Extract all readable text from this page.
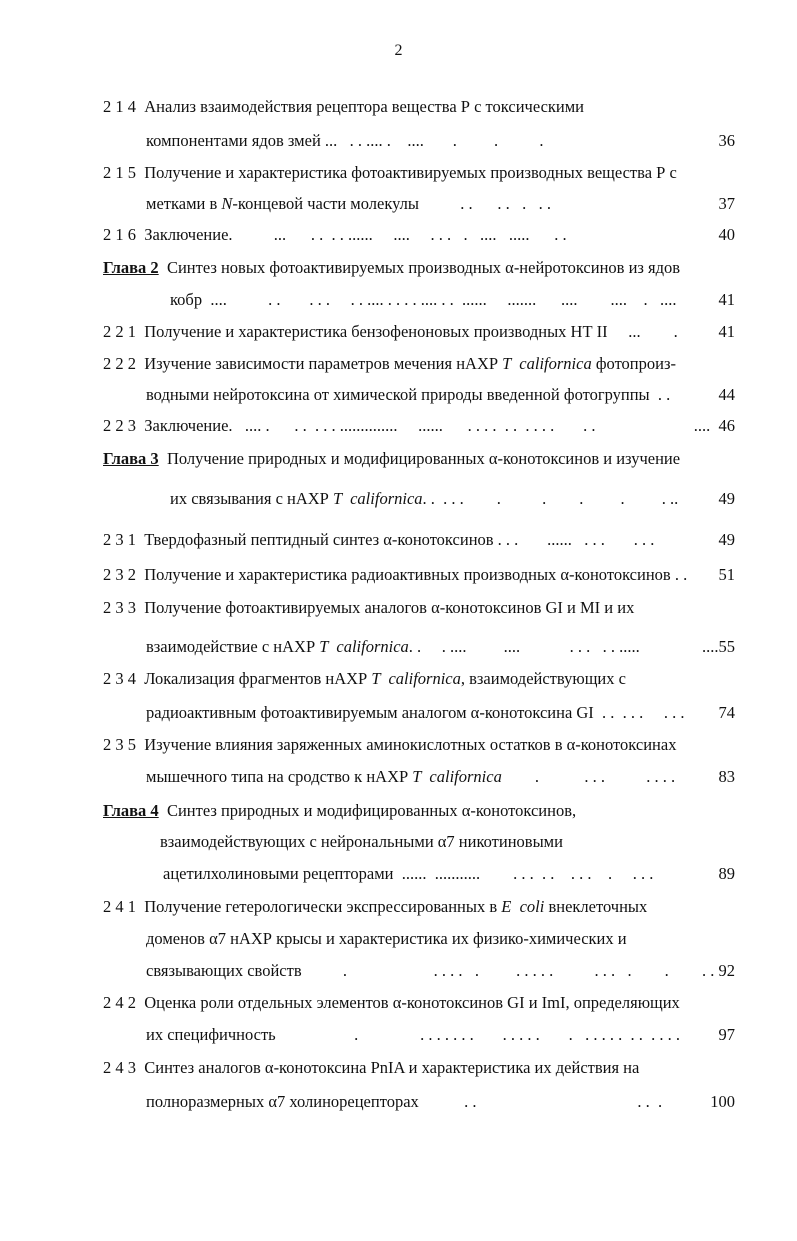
2
2 1 4  Анализ взаимодействия рецептора вещества Р с токсическими
компонентами ядов змей ...   . . .... .    ....       .         .          .	36
2 1 5  Получение и характеристика фотоактивируемых производных вещества Р с
метками в N-концевой части молекулы          . .      . .   .   . .	37
2 1 6  Заключение.          ...      . .  . . ......     ....     . . .   .   ....   .....      . .	40
Глава 2  Синтез новых фотоактивируемых производных α-нейротоксинов из ядов
кобр  ....          . .       . . .     . . .... . . . . .... . .  ......     .......      ....        ....    .   ....	41
2 2 1  Получение и характеристика бензофеноновых производных НТ II     ...        . 41
2 2 2  Изучение зависимости параметров мечения нАХР T  californica фотопроиз-
водными нейротоксина от химической природы введенной фотогруппы  . .	44
2 2 3  Заключение.   .... .      . .  . . . ..............     ......      . . . .  . .  . . . .       . .	....  46
Глава 3  Получение природных и модифицированных α-конотоксинов и изучение
их связывания с нАХР T  californica. .  . . .        .          .        .         .         . .. 49
2 3 1  Твердофазный пептидный синтез α-конотоксинов . . .       ......   . . .       . . .	49
2 3 2  Получение и характеристика радиоактивных производных α-конотоксинов . . 51
2 3 3  Получение фотоактивируемых аналогов α-конотоксинов GI и MI и их
взаимодействие с нАХР T  californica. .     . ....         ....            . . .   . . .....	....55
2 3 4  Локализация фрагментов нАХР T  californica, взаимодействующих с
радиоактивным фотоактивируемым аналогом α-конотоксина GI  . .  . . .     . . . 74
2 3 5  Изучение влияния заряженных аминокислотных остатков в α-конотоксинах
мышечного типа на сродство к нАХР T  californica        .           . . .          . . . .	83
Глава 4  Синтез природных и модифицированных α-конотоксинов,
взаимодействующих с нейрональными α7 никотиновыми
ацетилхолиновыми рецепторами  ......  ...........        . . .  . .    . . .    .     . . .	89
2 4 1  Получение гетерологически экспрессированных в E  coli внеклеточных
доменов α7 нАХР крысы и характеристика их физико-химических и
связывающих свойств          .                     . . . .   .         . . . . .          . . .   .        . . . 92
2 4 2  Оценка роли отдельных элементов α-конотоксинов GI и ImI, определяющих
их специфичность                   .               . . . . . . .       . . . . .       .   . . . . .  . .  . . . . 97
2 4 3  Синтез аналогов α-конотоксина PnIA и характеристика их действия на
полноразмерных α7 холинорецепторах           . .                                       . .  .	100
